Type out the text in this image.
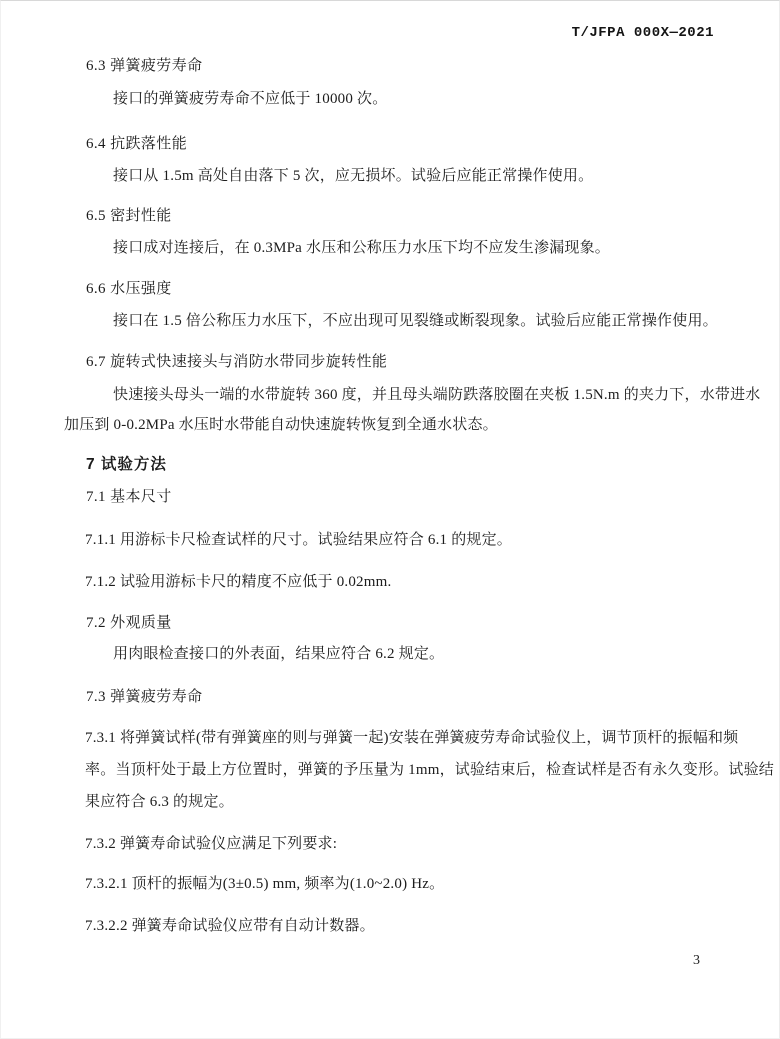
T/JFPA 000X—2021
6.3 弹簧疲劳寿命
接口的弹簧疲劳寿命不应低于 10000 次。
6.4 抗跌落性能
接口从 1.5m 高处自由落下 5 次，应无损坏。试验后应能正常操作使用。
6.5 密封性能
接口成对连接后，在 0.3MPa 水压和公称压力水压下均不应发生渗漏现象。
6.6 水压强度
接口在 1.5 倍公称压力水压下，不应出现可见裂缝或断裂现象。试验后应能正常操作使用。
6.7 旋转式快速接头与消防水带同步旋转性能
快速接头母头一端的水带旋转 360 度，并且母头端防跌落胶圈在夹板 1.5N.m 的夹力下，水带进水
加压到 0-0.2MPa 水压时水带能自动快速旋转恢复到全通水状态。
7 试验方法
7.1 基本尺寸
7.1.1 用游标卡尺检查试样的尺寸。试验结果应符合 6.1 的规定。
7.1.2 试验用游标卡尺的精度不应低于 0.02mm.
7.2 外观质量
用肉眼检查接口的外表面，结果应符合 6.2 规定。
7.3 弹簧疲劳寿命
7.3.1 将弹簧试样(带有弹簧座的则与弹簧一起)安装在弹簧疲劳寿命试验仪上，调节顶杆的振幅和频
率。当顶杆处于最上方位置时，弹簧的予压量为 1mm，试验结束后，检查试样是否有永久变形。试验结
果应符合 6.3 的规定。
7.3.2 弹簧寿命试验仪应满足下列要求:
7.3.2.1 顶杆的振幅为(3±0.5) mm, 频率为(1.0~2.0) Hz。
7.3.2.2 弹簧寿命试验仪应带有自动计数器。
3
